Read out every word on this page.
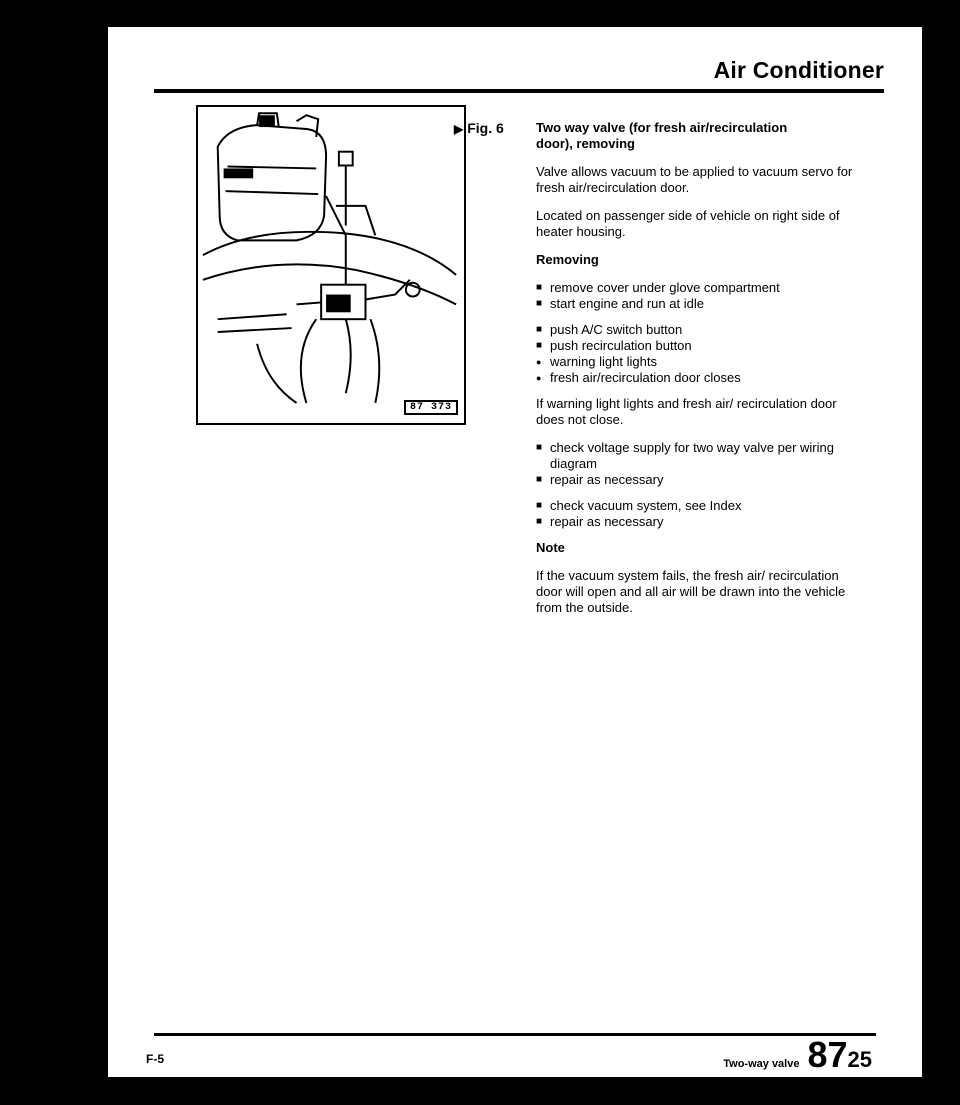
Air Conditioner
87 373
▶ Fig. 6 Two way valve (for fresh air/recirculation
door), removing

Valve allows vacuum to be applied to vacuum servo for fresh air/recirculation door.

Located on passenger side of vehicle on right side of heater housing.

Removing

■ remove cover under glove compartment
■ start engine and run at idle
■ push A/C switch button
■ push recirculation button
● warning light lights
● fresh air/recirculation door closes

If warning light lights and fresh air/ recirculation door does not close.

■ check voltage supply for two way valve per wiring diagram
■ repair as necessary
■ check vacuum system, see Index
■ repair as necessary

Note

If the vacuum system fails, the fresh air/ recirculation door will open and all air will be drawn into the vehicle from the outside.

F-5	Two-way valve 8725
